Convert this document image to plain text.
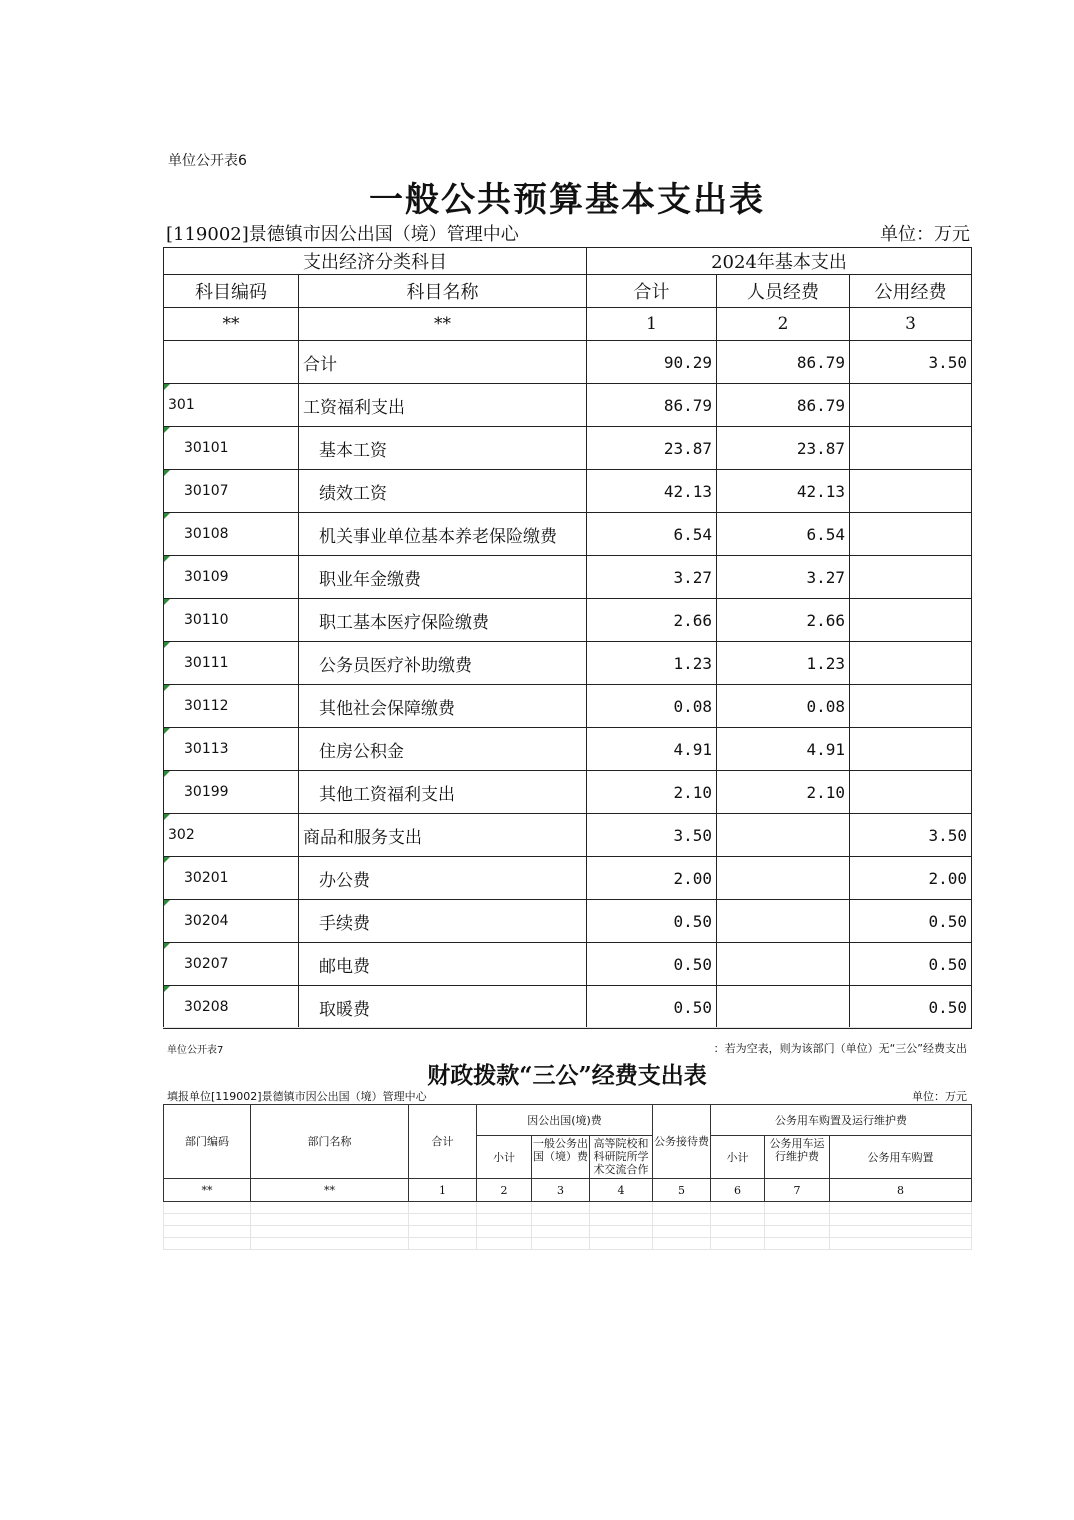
单位公开表6
一般公共预算基本支出表
[119002]景德镇市因公出国（境）管理中心	单位：万元
支出经济分类科目		2024年基本支出		
科目编码	科目名称	合计	人员经费	公用经费
**	**	1	2	3
	合计	90.29	86.79	3.50
301	工资福利支出	86.79	86.79	
30101	基本工资	23.87	23.87	
30107	绩效工资	42.13	42.13	
30108	机关事业单位基本养老保险缴费	6.54	6.54	
30109	职业年金缴费	3.27	3.27	
30110	职工基本医疗保险缴费	2.66	2.66	
30111	公务员医疗补助缴费	1.23	1.23	
30112	其他社会保障缴费	0.08	0.08	
30113	住房公积金	4.91	4.91	
30199	其他工资福利支出	2.10	2.10	
302	商品和服务支出	3.50		3.50
30201	办公费	2.00		2.00
30204	手续费	0.50		0.50
30207	邮电费	0.50		0.50
30208	取暖费	0.50		0.50
单位公开表7	：若为空表，则为该部门（单位）无“三公”经费支出
财政拨款“三公”经费支出表
填报单位[119002]景德镇市因公出国（境）管理中心	单位：万元
部门编码	部门名称	合计	因公出国(境)费			公务接待费	公务用车购置及运行维护费		
			小计	一般公务出国（境）费	高等院校和科研院所学术交流合作		小计	公务用车运行维护费	公务用车购置
**	**	1	2	3	4	5	6	7	8
